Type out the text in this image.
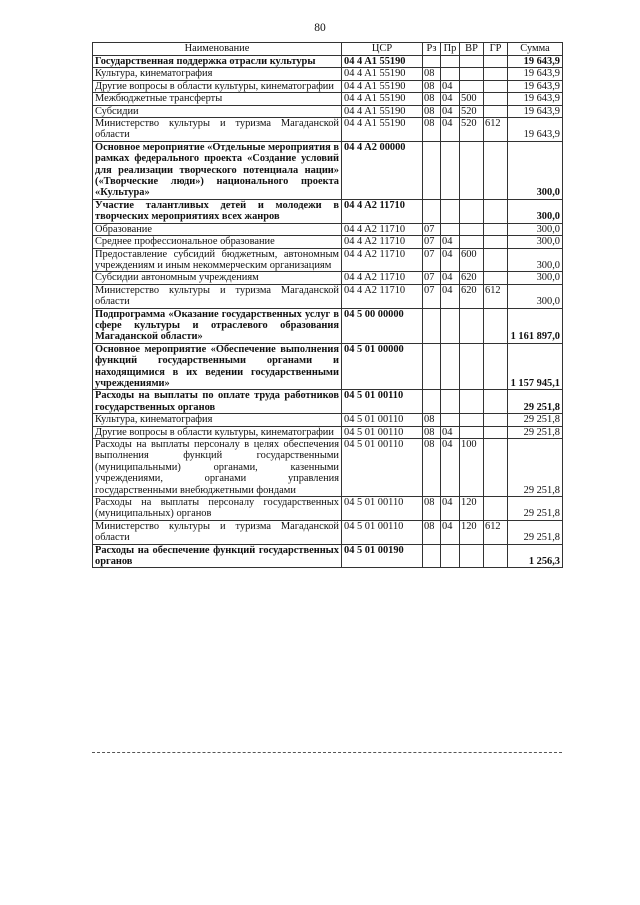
80
Наименование	ЦСР	Рз	Пр	ВР	ГР	Сумма
Государственная поддержка отрасли культуры	04 4 A1 55190					19 643,9
Культура, кинематография	04 4 A1 55190	08				19 643,9
Другие вопросы в области культуры, кинематографии	04 4 A1 55190	08	04			19 643,9
Межбюджетные трансферты	04 4 A1 55190	08	04	500		19 643,9
Субсидии	04 4 A1 55190	08	04	520		19 643,9
Министерство культуры и туризма Магаданской области	04 4 A1 55190	08	04	520	612	19 643,9
Основное мероприятие «Отдельные мероприятия в рамках федерального проекта «Создание условий для реализации творческого потенциала нации» («Творческие люди») национального проекта «Культура»	04 4 A2 00000					300,0
Участие талантливых детей и молодежи в творческих мероприятиях всех жанров	04 4 A2 11710					300,0
Образование	04 4 A2 11710	07				300,0
Среднее профессиональное образование	04 4 A2 11710	07	04			300,0
Предоставление субсидий бюджетным, автономным учреждениям и иным некоммерческим организациям	04 4 A2 11710	07	04	600		300,0
Субсидии автономным учреждениям	04 4 A2 11710	07	04	620		300,0
Министерство культуры и туризма Магаданской области	04 4 A2 11710	07	04	620	612	300,0
Подпрограмма «Оказание государственных услуг в сфере культуры и отраслевого образования Магаданской области»	04 5 00 00000					1 161 897,0
Основное мероприятие «Обеспечение выполнения функций государственными органами и находящимися в их ведении государственными учреждениями»	04 5 01 00000					1 157 945,1
Расходы на выплаты по оплате труда работников государственных органов	04 5 01 00110					29 251,8
Культура, кинематография	04 5 01 00110	08				29 251,8
Другие вопросы в области культуры, кинематографии	04 5 01 00110	08	04			29 251,8
Расходы на выплаты персоналу в целях обеспечения выполнения функций государственными (муниципальными) органами, казенными учреждениями, органами управления государственными внебюджетными фондами	04 5 01 00110	08	04	100		29 251,8
Расходы на выплаты персоналу государственных (муниципальных) органов	04 5 01 00110	08	04	120		29 251,8
Министерство культуры и туризма Магаданской области	04 5 01 00110	08	04	120	612	29 251,8
Расходы на обеспечение функций государственных органов	04 5 01 00190					1 256,3
